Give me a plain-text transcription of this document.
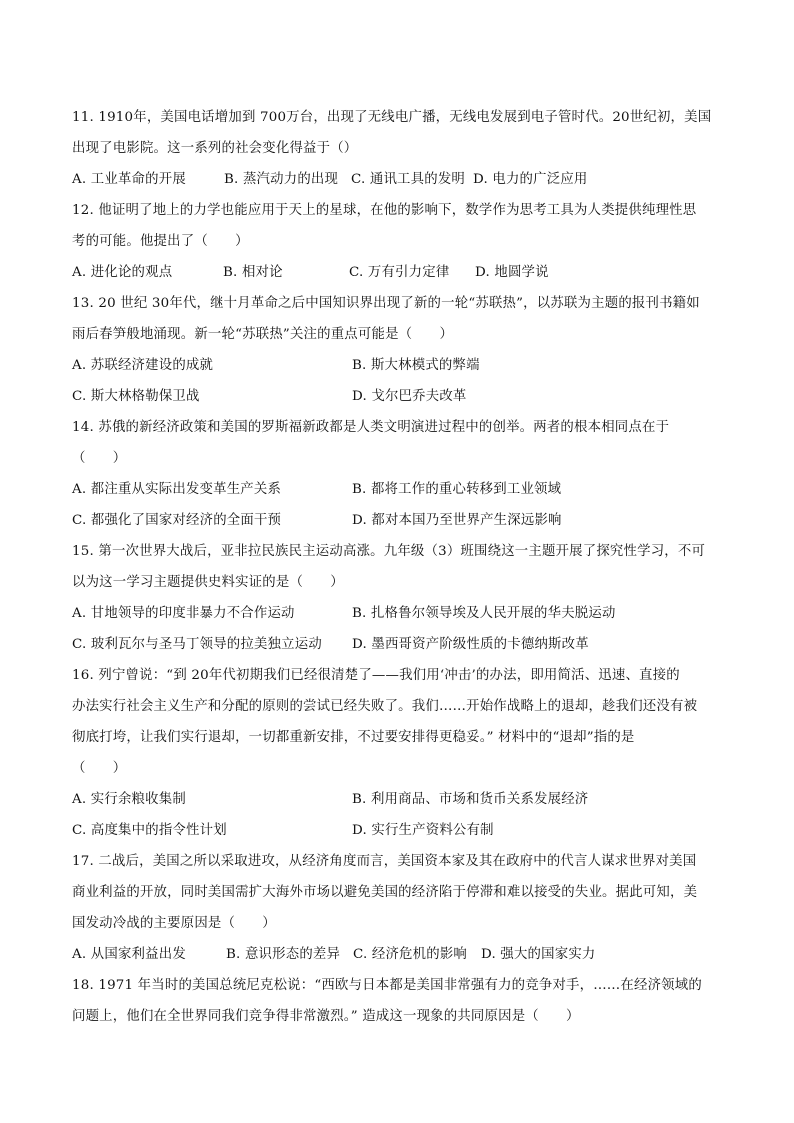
11. 1910年，美国电话增加到 700万台，出现了无线电广播，无线电发展到电子管时代。20世纪初，美国
出现了电影院。这一系列的社会变化得益于（）
A. 工业革命的开展	B. 蒸汽动力的出现 C. 通讯工具的发明 D. 电力的广泛应用
12. 他证明了地上的力学也能应用于天上的星球，在他的影响下，数学作为思考工具为人类提供纯理性思
考的可能。他提出了（　　）
A. 进化论的观点	B. 相对论	C. 万有引力定律	D. 地圆学说
13. 20 世纪 30年代，继十月革命之后中国知识界出现了新的一轮“苏联热”，以苏联为主题的报刊书籍如
雨后春笋般地涌现。新一轮“苏联热”关注的重点可能是（　　）
A. 苏联经济建设的成就	B. 斯大林模式的弊端
C. 斯大林格勒保卫战	D. 戈尔巴乔夫改革
14. 苏俄的新经济政策和美国的罗斯福新政都是人类文明演进过程中的创举。两者的根本相同点在于
（　　）
A. 都注重从实际出发变革生产关系	B. 都将工作的重心转移到工业领域
C. 都强化了国家对经济的全面干预	D. 都对本国乃至世界产生深远影响
15. 第一次世界大战后，亚非拉民族民主运动高涨。九年级（3）班围绕这一主题开展了探究性学习，不可
以为这一学习主题提供史料实证的是（　　）
A. 甘地领导的印度非暴力不合作运动	B. 扎格鲁尔领导埃及人民开展的华夫脱运动
C. 玻利瓦尔与圣马丁领导的拉美独立运动	D. 墨西哥资产阶级性质的卡德纳斯改革
16. 列宁曾说：“到 20年代初期我们已经很清楚了——我们用‘冲击’的办法，即用简活、迅速、直接的
办法实行社会主义生产和分配的原则的尝试已经失败了。我们……开始作战略上的退却，趁我们还没有被
彻底打垮，让我们实行退却，一切都重新安排，不过要安排得更稳妥。” 材料中的“退却”指的是
（　　）
A. 实行余粮收集制	B. 利用商品、市场和货币关系发展经济
C. 高度集中的指令性计划	D. 实行生产资料公有制
17. 二战后，美国之所以采取进攻，从经济角度而言，美国资本家及其在政府中的代言人谋求世界对美国
商业利益的开放，同时美国需扩大海外市场以避免美国的经济陷于停滞和难以接受的失业。据此可知，美
国发动冷战的主要原因是（　　）
A. 从国家利益出发	B. 意识形态的差异 C. 经济危机的影响	D. 强大的国家实力
18. 1971 年当时的美国总统尼克松说：“西欧与日本都是美国非常强有力的竞争对手，……在经济领域的
问题上，他们在全世界同我们竞争得非常激烈。” 造成这一现象的共同原因是（　　）
